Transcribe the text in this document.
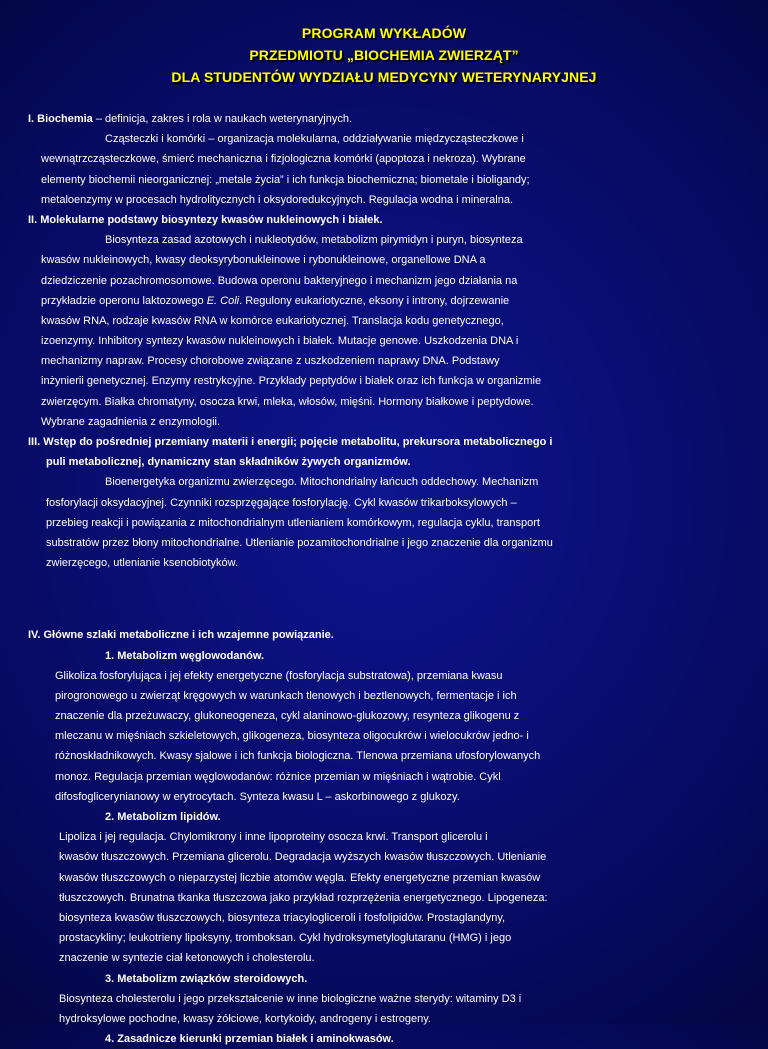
PROGRAM WYKŁADÓW
PRZEDMIOTU „BIOCHEMIA ZWIERZĄT”
DLA STUDENTÓW WYDZIAŁU MEDYCYNY WETERYNARYJNEJ
I. Biochemia – definicja, zakres i rola w naukach weterynaryjnych.
Cząsteczki i komórki – organizacja molekularna, oddziaływanie międzycząsteczkowe i
wewnątrzcząsteczkowe, śmierć mechaniczna i fizjologiczna komórki (apoptoza i nekroza). Wybrane
elementy biochemii nieorganicznej: „metale życia” i ich funkcja biochemiczna; biometale i bioligandy;
metaloenzymy w procesach hydrolitycznych i oksydoredukcyjnych. Regulacja wodna i mineralna.
II. Molekularne podstawy biosyntezy kwasów nukleinowych i białek.
Biosynteza zasad azotowych i nukleotydów, metabolizm pirymidyn i puryn, biosynteza
kwasów nukleinowych, kwasy deoksyrybonukleinowe i rybonukleinowe, organellowe DNA a
dziedziczenie pozachromosomowe. Budowa operonu bakteryjnego i mechanizm jego działania na
przykładzie operonu laktozowego E. Coli. Regulony eukariotyczne, eksony i introny, dojrzewanie
kwasów RNA, rodzaje kwasów RNA w komórce eukariotycznej. Translacja kodu genetycznego,
izoenzymy. Inhibitory syntezy kwasów nukleinowych i białek. Mutacje genowe. Uszkodzenia DNA i
mechanizmy napraw. Procesy chorobowe związane z uszkodzeniem naprawy DNA. Podstawy
inżynierii genetycznej. Enzymy restrykcyjne. Przykłady peptydów i białek oraz ich funkcja w organizmie
zwierzęcym. Białka chromatyny, osocza krwi, mleka, włosów, mięśni. Hormony białkowe i peptydowe.
Wybrane zagadnienia z enzymologii.
III. Wstęp do pośredniej przemiany materii i energii; pojęcie metabolitu, prekursora metabolicznego i
puli metabolicznej, dynamiczny stan składników żywych organizmów.
Bioenergetyka organizmu zwierzęcego. Mitochondrialny łańcuch oddechowy. Mechanizm
fosforylacji oksydacyjnej. Czynniki rozsprzęgające fosforylację. Cykl kwasów trikarboksylowych –
przebieg reakcji i powiązania z mitochondrialnym utlenianiem komórkowym, regulacja cyklu, transport
substratów przez błony mitochondrialne. Utlenianie pozamitochondrialne i jego znaczenie dla organizmu
zwierzęcego, utlenianie ksenobiotyków.
IV. Główne szlaki metaboliczne i ich wzajemne powiązanie.
1. Metabolizm węglowodanów.
Glikoliza fosforylująca i jej efekty energetyczne (fosforylacja substratowa), przemiana kwasu
pirogronowego u zwierząt kręgowych w warunkach tlenowych i beztlenowych, fermentacje i ich
znaczenie dla przeżuwaczy, glukoneogeneza, cykl alaninowo-glukozowy, resynteza glikogenu z
mleczanu w mięśniach szkieletowych, glikogeneza, biosynteza oligocukrów i wielocukrów jedno- i
różnoskładnikowych. Kwasy sjalowe i ich funkcja biologiczna. Tlenowa przemiana ufosforylowanych
monoz. Regulacja przemian węglowodanów: różnice przemian w mięśniach i wątrobie. Cykl
difosfoglicerynianowy w erytrocytach. Synteza kwasu L – askorbinowego z glukozy.
2. Metabolizm lipidów.
Lipoliza i jej regulacja. Chylomikrony i inne lipoproteiny osocza krwi. Transport glicerolu i
kwasów tłuszczowych. Przemiana glicerolu. Degradacja wyższych kwasów tłuszczowych. Utlenianie
kwasów tłuszczowych o nieparzystej liczbie atomów węgla. Efekty energetyczne przemian kwasów
tłuszczowych. Brunatna tkanka tłuszczowa jako przykład rozprzężenia energetycznego. Lipogeneza:
biosynteza kwasów tłuszczowych, biosynteza triacylogliceroli i fosfolipidów. Prostaglandyny,
prostacykliny; leukotrieny lipoksyny, tromboksan. Cykl hydroksymetyloglutaranu (HMG) i jego
znaczenie w syntezie ciał ketonowych i cholesterolu.
3. Metabolizm związków steroidowych.
Biosynteza cholesterolu i jego przekształcenie w inne biologiczne ważne sterydy: witaminy D3 i
hydroksylowe pochodne, kwasy żółciowe, kortykoidy, androgeny i estrogeny.
4. Zasadnicze kierunki przemian białek i aminokwasów.
